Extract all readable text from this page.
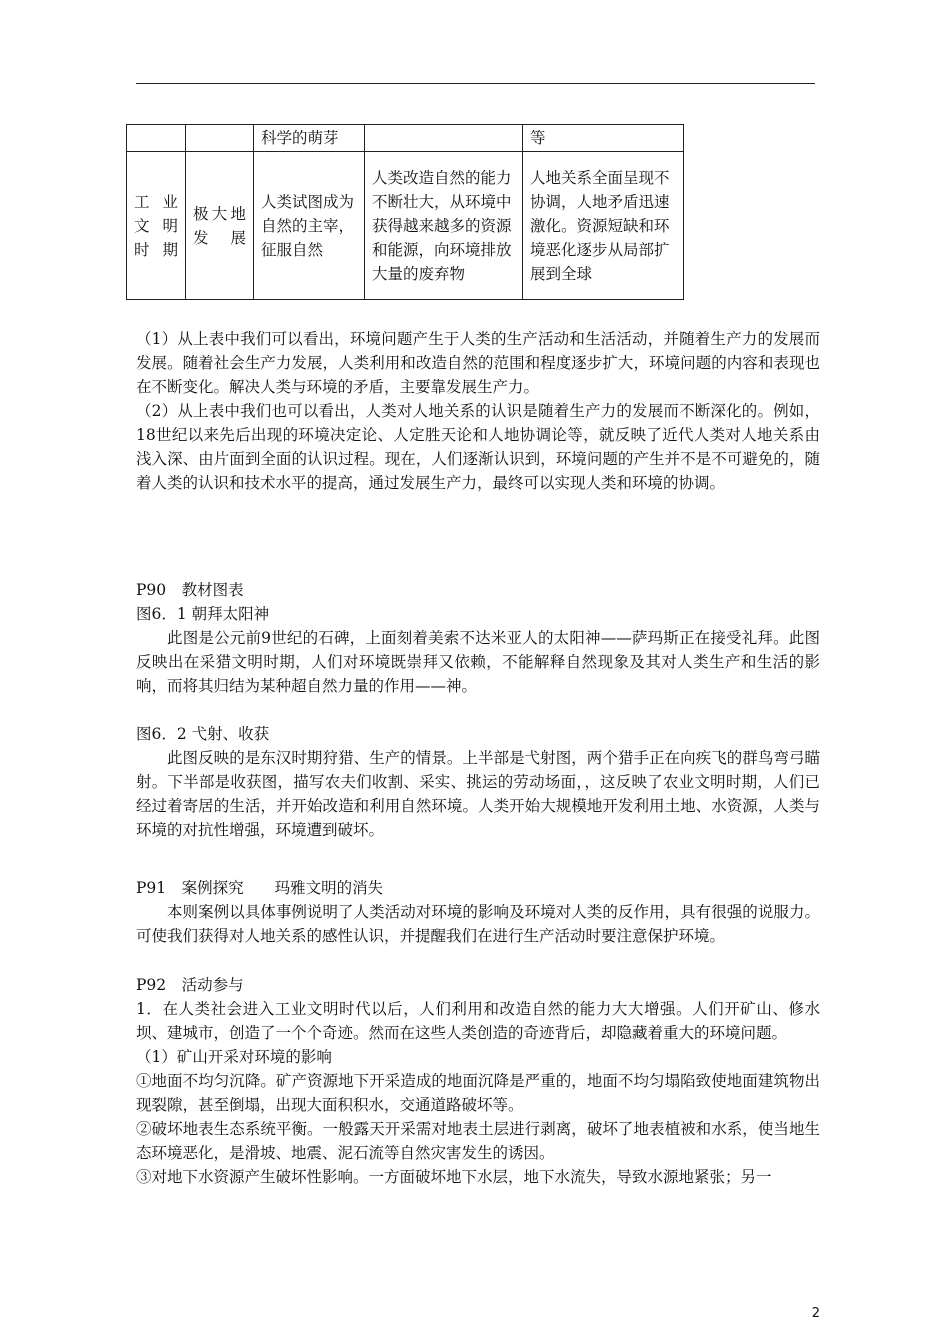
		科学的萌芽		等
工业文明时期	极大地发展	人类试图成为自然的主宰，征服自然	人类改造自然的能力不断壮大，从环境中获得越来越多的资源和能源，向环境排放大量的废弃物	人地关系全面呈现不协调，人地矛盾迅速激化。资源短缺和环境恶化逐步从局部扩展到全球

（1）从上表中我们可以看出，环境问题产生于人类的生产活动和生活活动，并随着生产力的发展而发展。随着社会生产力发展，人类利用和改造自然的范围和程度逐步扩大，环境问题的内容和表现也在不断变化。解决人类与环境的矛盾，主要靠发展生产力。

（2）从上表中我们也可以看出，人类对人地关系的认识是随着生产力的发展而不断深化的。例如，18世纪以来先后出现的环境决定论、人定胜天论和人地协调论等，就反映了近代人类对人地关系由浅入深、由片面到全面的认识过程。现在，人们逐渐认识到，环境问题的产生并不是不可避免的，随着人类的认识和技术水平的提高，通过发展生产力，最终可以实现人类和环境的协调。

P90　教材图表

图6．1 朝拜太阳神

此图是公元前9世纪的石碑，上面刻着美索不达米亚人的太阳神——萨玛斯正在接受礼拜。此图反映出在采猎文明时期，人们对环境既崇拜又依赖，不能解释自然现象及其对人类生产和生活的影响，而将其归结为某种超自然力量的作用——神。

图6．2 弋射、收获

此图反映的是东汉时期狩猎、生产的情景。上半部是弋射图，两个猎手正在向疾飞的群鸟弯弓瞄射。下半部是收获图，描写农夫们收割、采实、挑运的劳动场面，，这反映了农业文明时期，人们已经过着寄居的生活，并开始改造和利用自然环境。人类开始大规模地开发利用土地、水资源，人类与环境的对抗性增强，环境遭到破坏。

P91　案例探究　　玛雅文明的消失

本则案例以具体事例说明了人类活动对环境的影响及环境对人类的反作用，具有很强的说服力。可使我们获得对人地关系的感性认识，并提醒我们在进行生产活动时要注意保护环境。

P92　活动参与

1．在人类社会进入工业文明时代以后，人们利用和改造自然的能力大大增强。人们开矿山、修水坝、建城市，创造了一个个奇迹。然而在这些人类创造的奇迹背后，却隐藏着重大的环境问题。

（1）矿山开采对环境的影响

①地面不均匀沉降。矿产资源地下开采造成的地面沉降是严重的，地面不均匀塌陷致使地面建筑物出现裂隙，甚至倒塌，出现大面积积水，交通道路破坏等。

②破坏地表生态系统平衡。一般露天开采需对地表土层进行剥离，破坏了地表植被和水系，使当地生态环境恶化，是滑坡、地震、泥石流等自然灾害发生的诱因。

③对地下水资源产生破坏性影响。一方面破坏地下水层，地下水流失，导致水源地紧张；另一

2
